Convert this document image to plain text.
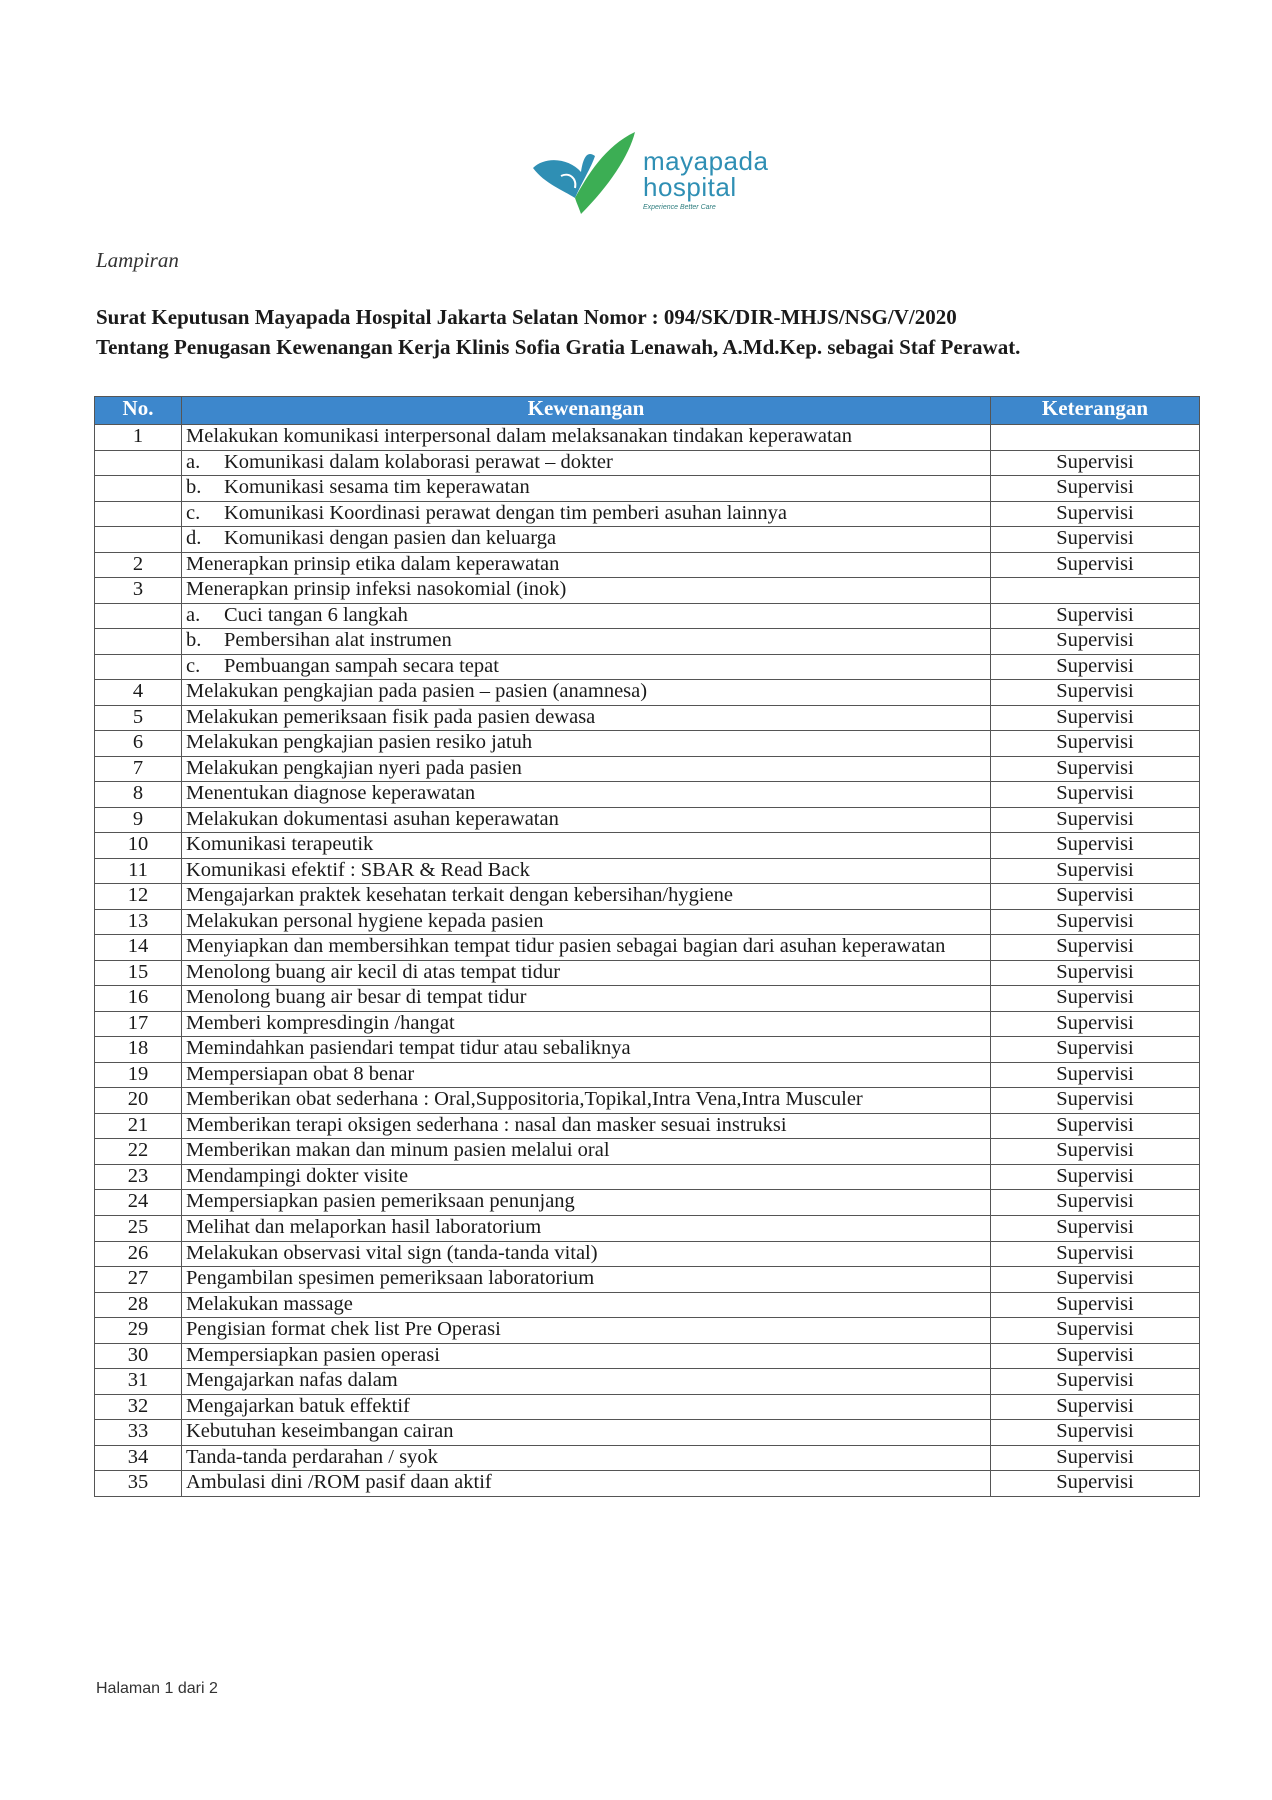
mayapada
hospital
Experience Better Care
Lampiran
Surat Keputusan Mayapada Hospital Jakarta Selatan Nomor : 094/SK/DIR-MHJS/NSG/V/2020
Tentang Penugasan Kewenangan Kerja Klinis Sofia Gratia Lenawah, A.Md.Kep. sebagai Staf Perawat.
No.	Kewenangan	Keterangan
1	Melakukan komunikasi interpersonal dalam melaksanakan tindakan keperawatan	
	a. Komunikasi dalam kolaborasi perawat – dokter	Supervisi
	b. Komunikasi sesama tim keperawatan	Supervisi
	c. Komunikasi Koordinasi perawat dengan tim pemberi asuhan lainnya	Supervisi
	d. Komunikasi dengan pasien dan keluarga	Supervisi
2	Menerapkan prinsip etika dalam keperawatan	Supervisi
3	Menerapkan prinsip infeksi nasokomial (inok)	
	a. Cuci tangan 6 langkah	Supervisi
	b. Pembersihan alat instrumen	Supervisi
	c. Pembuangan sampah secara tepat	Supervisi
4	Melakukan pengkajian pada pasien – pasien (anamnesa)	Supervisi
5	Melakukan pemeriksaan fisik pada pasien dewasa	Supervisi
6	Melakukan pengkajian pasien resiko jatuh	Supervisi
7	Melakukan pengkajian nyeri pada pasien	Supervisi
8	Menentukan diagnose keperawatan	Supervisi
9	Melakukan dokumentasi asuhan keperawatan	Supervisi
10	Komunikasi terapeutik	Supervisi
11	Komunikasi efektif : SBAR & Read Back	Supervisi
12	Mengajarkan praktek kesehatan terkait dengan kebersihan/hygiene	Supervisi
13	Melakukan personal hygiene kepada pasien	Supervisi
14	Menyiapkan dan membersihkan tempat tidur pasien sebagai bagian dari asuhan keperawatan	Supervisi
15	Menolong buang air kecil di atas tempat tidur	Supervisi
16	Menolong buang air besar di tempat tidur	Supervisi
17	Memberi kompresdingin /hangat	Supervisi
18	Memindahkan pasiendari tempat tidur atau sebaliknya	Supervisi
19	Mempersiapan obat 8 benar	Supervisi
20	Memberikan obat sederhana : Oral,Suppositoria,Topikal,Intra Vena,Intra Musculer	Supervisi
21	Memberikan terapi oksigen sederhana : nasal dan masker sesuai instruksi	Supervisi
22	Memberikan makan dan minum pasien melalui oral	Supervisi
23	Mendampingi dokter visite	Supervisi
24	Mempersiapkan pasien pemeriksaan penunjang	Supervisi
25	Melihat dan melaporkan hasil laboratorium	Supervisi
26	Melakukan observasi vital sign (tanda-tanda vital)	Supervisi
27	Pengambilan spesimen pemeriksaan laboratorium	Supervisi
28	Melakukan massage	Supervisi
29	Pengisian format chek list Pre Operasi	Supervisi
30	Mempersiapkan pasien operasi	Supervisi
31	Mengajarkan nafas dalam	Supervisi
32	Mengajarkan batuk effektif	Supervisi
33	Kebutuhan keseimbangan cairan	Supervisi
34	Tanda-tanda perdarahan / syok	Supervisi
35	Ambulasi dini /ROM pasif daan aktif	Supervisi
Halaman 1 dari 2
